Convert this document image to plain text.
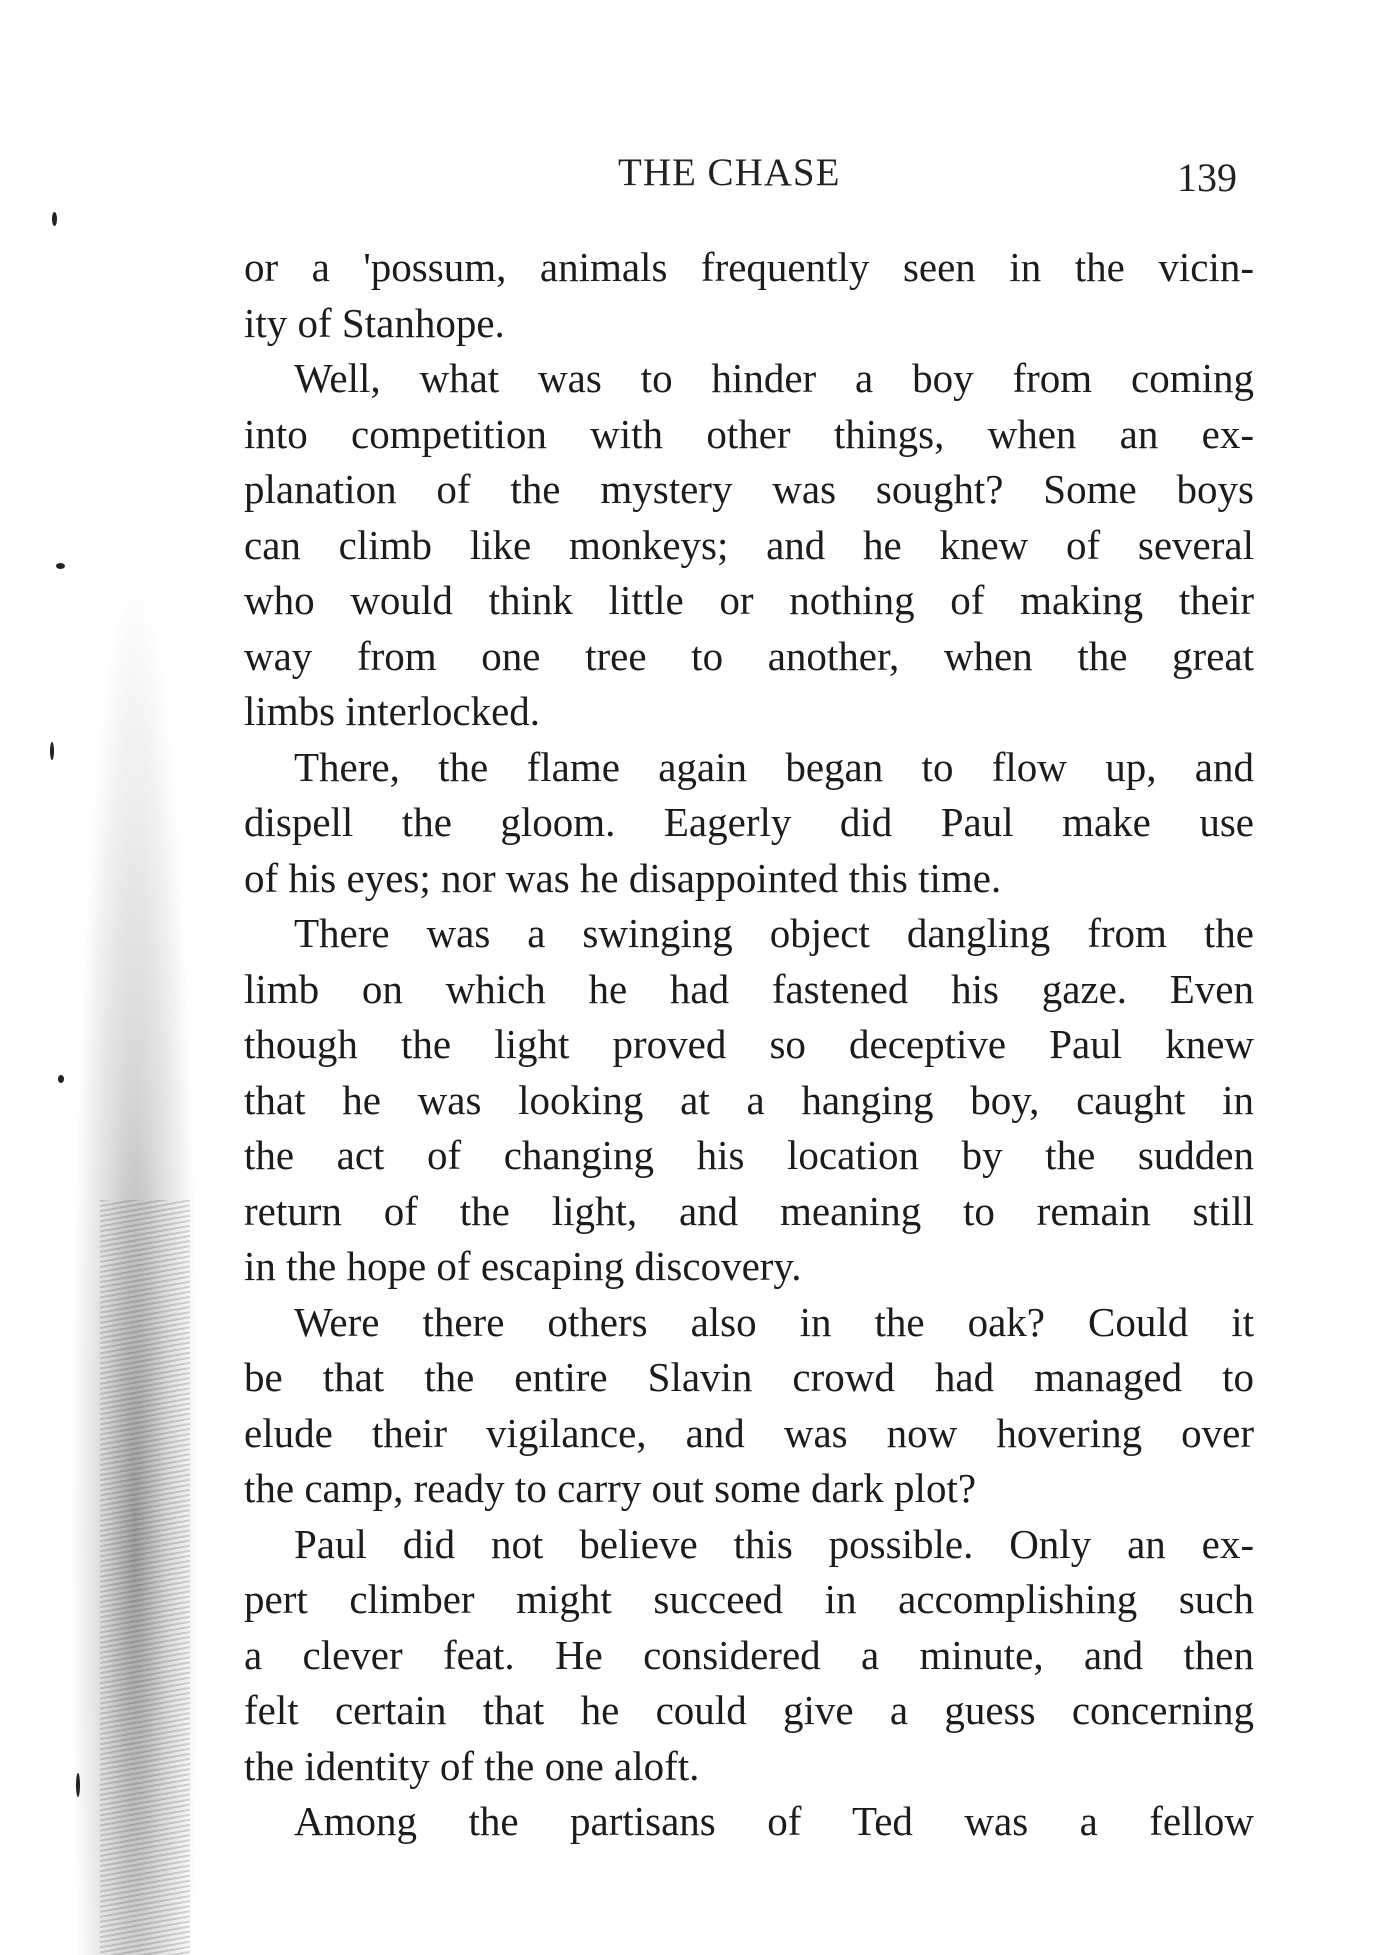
THE CHASE	139

or a 'possum, animals frequently seen in the vicin-
ity of Stanhope.

Well, what was to hinder a boy from coming
into competition with other things, when an ex-
planation of the mystery was sought? Some boys
can climb like monkeys; and he knew of several
who would think little or nothing of making their
way from one tree to another, when the great
limbs interlocked.

There, the flame again began to flow up, and
dispell the gloom. Eagerly did Paul make use
of his eyes; nor was he disappointed this time.

There was a swinging object dangling from the
limb on which he had fastened his gaze. Even
though the light proved so deceptive Paul knew
that he was looking at a hanging boy, caught in
the act of changing his location by the sudden
return of the light, and meaning to remain still
in the hope of escaping discovery.

Were there others also in the oak? Could it
be that the entire Slavin crowd had managed to
elude their vigilance, and was now hovering over
the camp, ready to carry out some dark plot?

Paul did not believe this possible. Only an ex-
pert climber might succeed in accomplishing such
a clever feat. He considered a minute, and then
felt certain that he could give a guess concerning
the identity of the one aloft.

Among the partisans of Ted was a fellow
